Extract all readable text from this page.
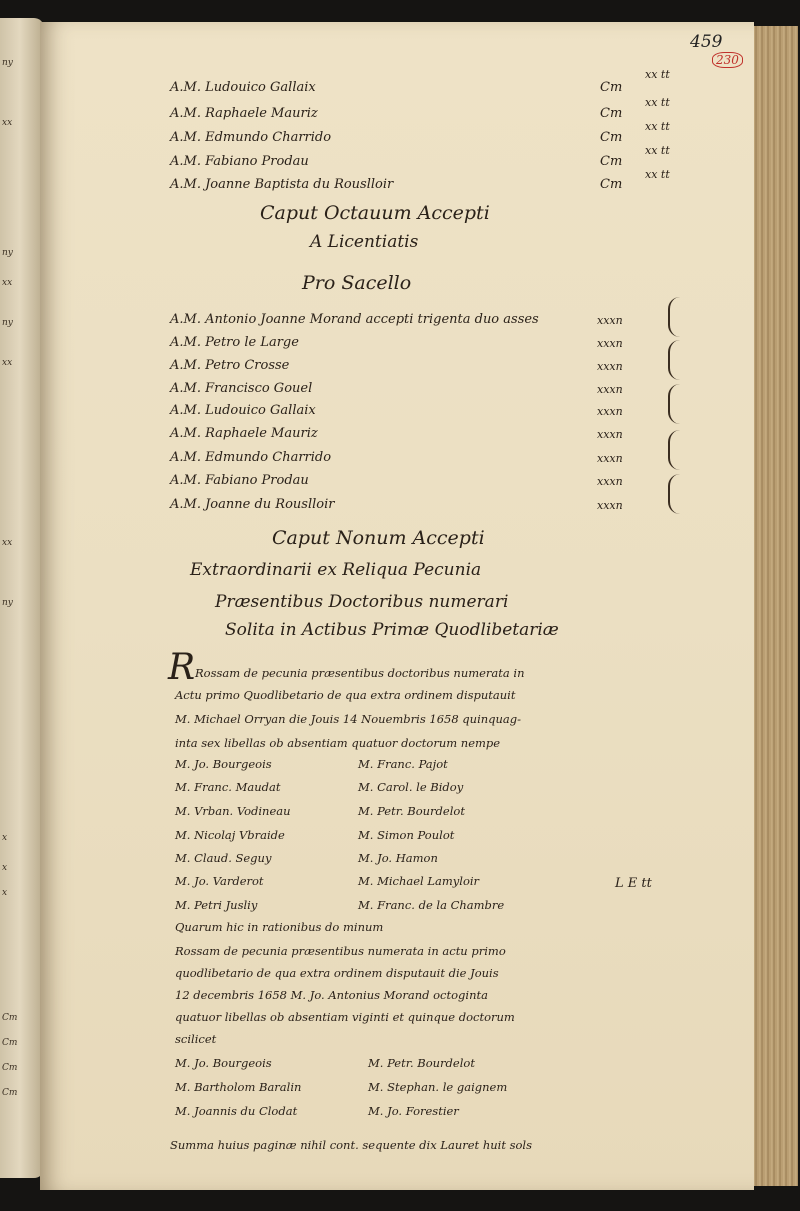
ny
xx
ny
xx
ny
xx
xx
ny
x
x
x
Cm
Cm
Cm
Cm
459
230
A.M. Ludouico Gallaix
A.M. Raphaele Mauriz
A.M. Edmundo Charrido
A.M. Fabiano Prodau
A.M. Joanne Baptista du Rouslloir
Cm
Cm
Cm
Cm
Cm
xx tt
xx tt
xx tt
xx tt
xx tt
Caput Octauum Accepti
A Licentiatis
Pro Sacello
A.M. Antonio Joanne Morand accepti trigenta duo asses
A.M. Petro le Large
A.M. Petro Crosse
A.M. Francisco Gouel
A.M. Ludouico Gallaix
A.M. Raphaele Mauriz
A.M. Edmundo Charrido
A.M. Fabiano Prodau
A.M. Joanne du Rouslloir
xxxn
xxxn
xxxn
xxxn
xxxn
xxxn
xxxn
xxxn
xxxn
Caput Nonum Accepti
Extraordinarii ex Reliqua Pecunia
Præsentibus Doctoribus numerari
Solita in Actibus Primæ Quodlibetariæ
R Rossam de pecunia præsentibus doctoribus numerata in
Actu primo Quodlibetario de qua extra ordinem disputauit
M. Michael Orryan die Jouis 14 Nouembris 1658 quinquag-
inta sex libellas ob absentiam quatuor doctorum nempe
M. Jo. Bourgeois
M. Franc. Maudat
M. Vrban. Vodineau
M. Nicolaj Vbraide
M. Claud. Seguy
M. Jo. Varderot
M. Petri Jusliy
M. Franc. Pajot
M. Carol. le Bidoy
M. Petr. Bourdelot
M. Simon Poulot
M. Jo. Hamon
M. Michael Lamyloir
M. Franc. de la Chambre
Quarum hic in rationibus do minum
L E tt
Rossam de pecunia præsentibus numerata in actu primo
quodlibetario de qua extra ordinem disputauit die Jouis
12 decembris 1658 M. Jo. Antonius Morand octoginta
quatuor libellas ob absentiam viginti et quinque doctorum
scilicet
M. Jo. Bourgeois
M. Bartholom Baralin
M. Joannis du Clodat
M. Petr. Bourdelot
M. Stephan. le gaignem
M. Jo. Forestier
Summa huius paginæ nihil cont. sequente dix Lauret huit sols
